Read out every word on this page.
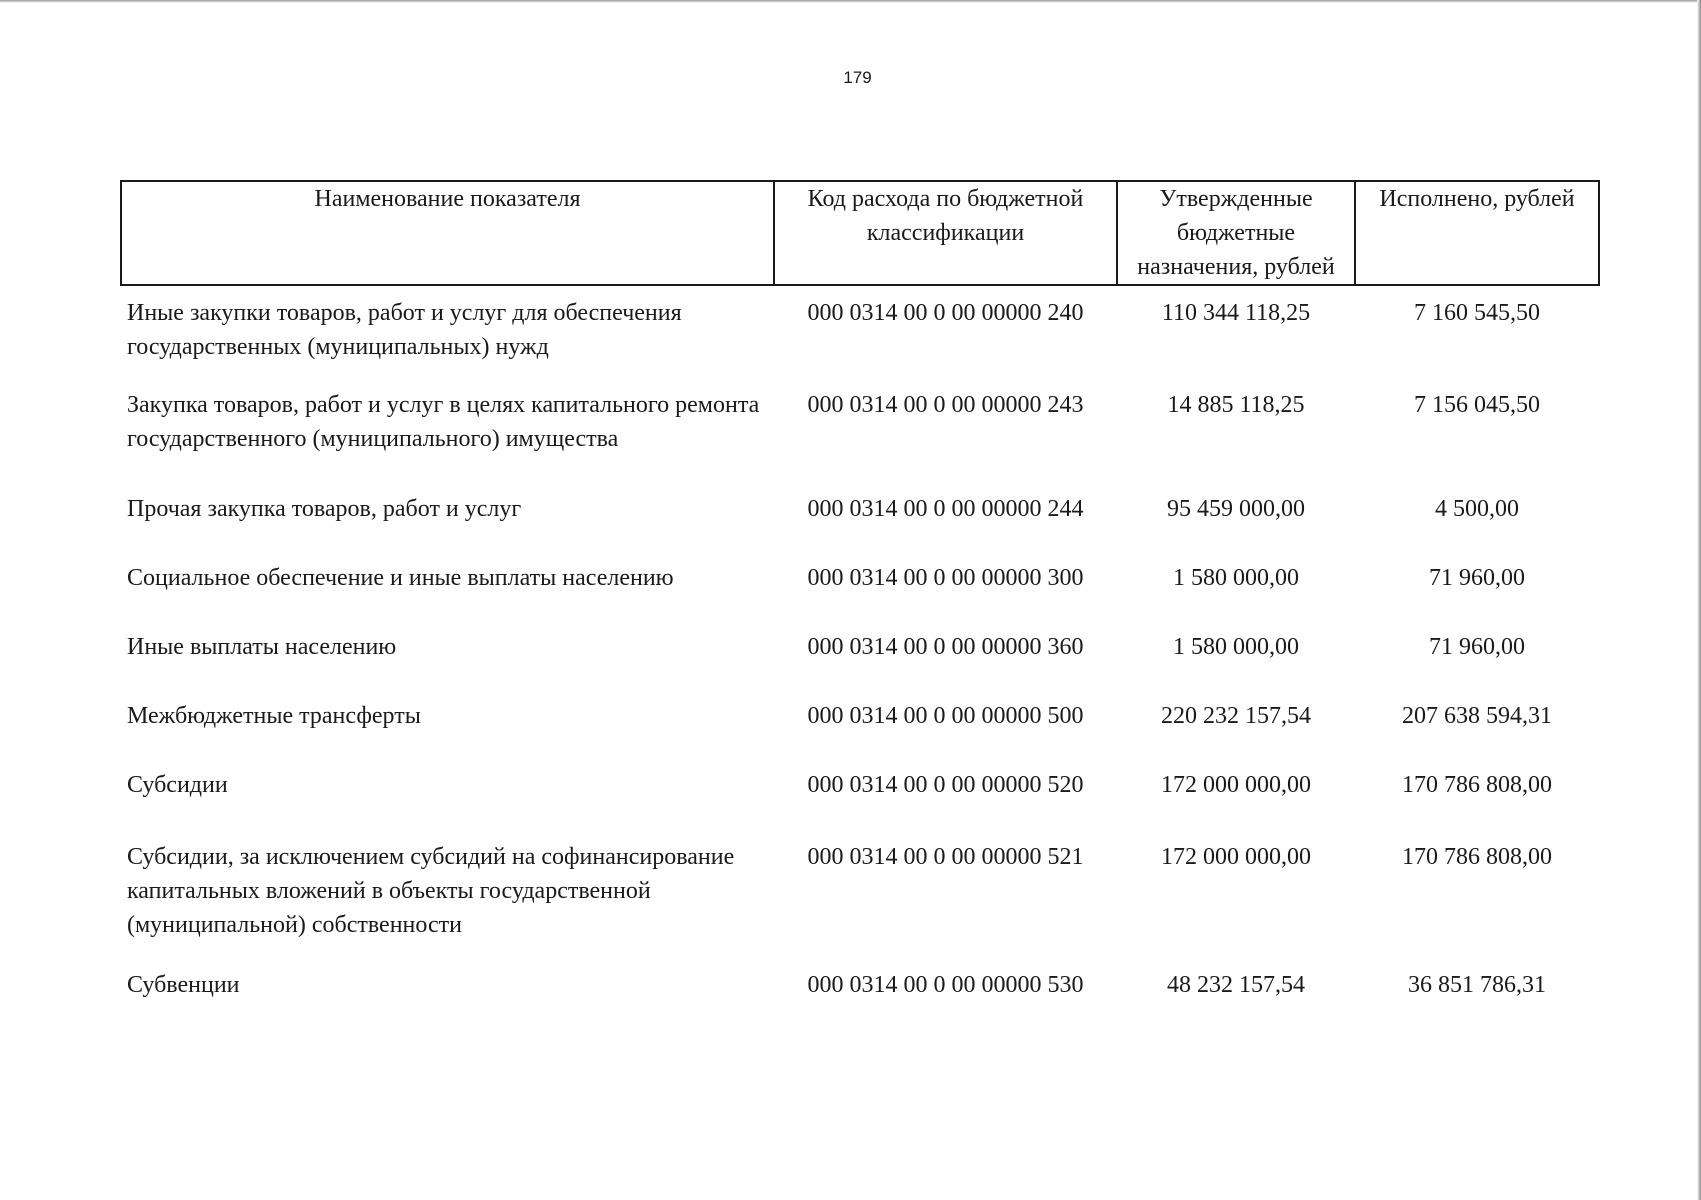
179
Наименование показателя	Код расхода по бюджетной классификации	Утвержденные бюджетные назначения, рублей	Исполнено, рублей
Иные закупки товаров, работ и услуг для обеспечения государственных (муниципальных) нужд	000 0314 00 0 00 00000 240	110 344 118,25	7 160 545,50
Закупка товаров, работ и услуг в целях капитального ремонта государственного (муниципального) имущества	000 0314 00 0 00 00000 243	14 885 118,25	7 156 045,50
Прочая закупка товаров, работ и услуг	000 0314 00 0 00 00000 244	95 459 000,00	4 500,00
Социальное обеспечение и иные выплаты населению	000 0314 00 0 00 00000 300	1 580 000,00	71 960,00
Иные выплаты населению	000 0314 00 0 00 00000 360	1 580 000,00	71 960,00
Межбюджетные трансферты	000 0314 00 0 00 00000 500	220 232 157,54	207 638 594,31
Субсидии	000 0314 00 0 00 00000 520	172 000 000,00	170 786 808,00
Субсидии, за исключением субсидий на софинансирование капитальных вложений в объекты государственной (муниципальной) собственности	000 0314 00 0 00 00000 521	172 000 000,00	170 786 808,00
Субвенции	000 0314 00 0 00 00000 530	48 232 157,54	36 851 786,31
